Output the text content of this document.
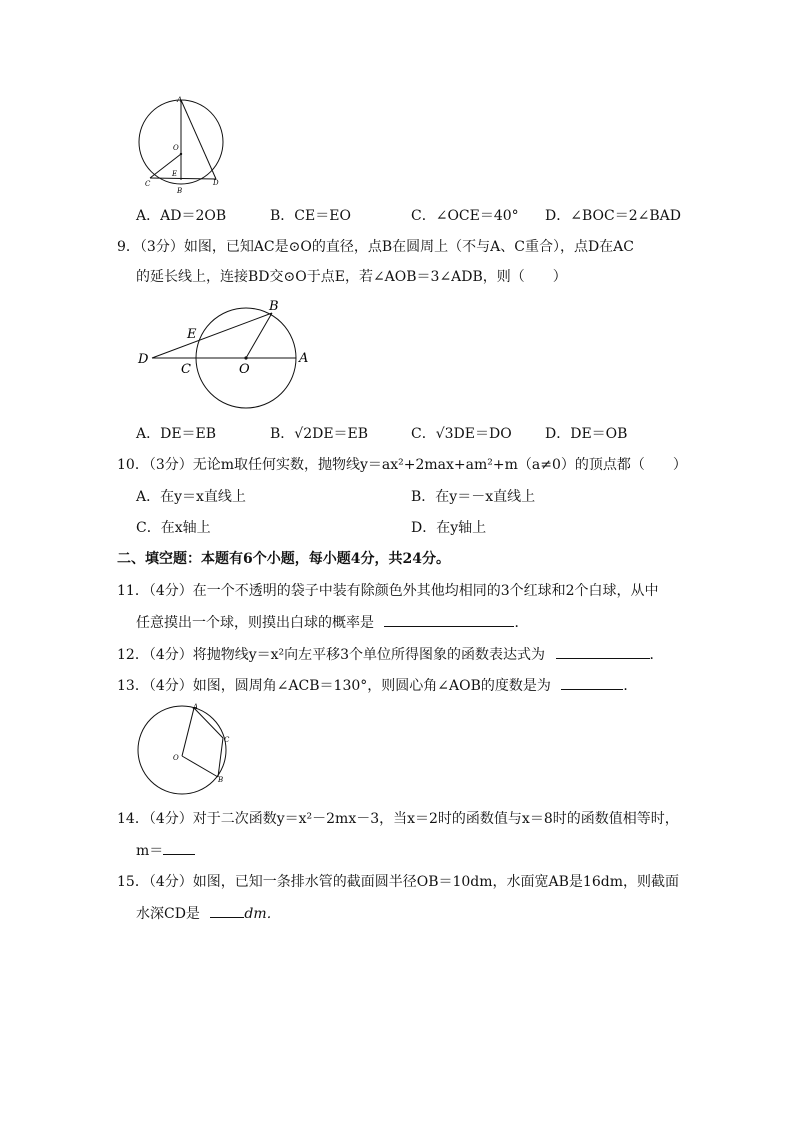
A
O
C
E
B
D
A．AD＝2OB	B．CE＝EO	C．∠OCE＝40° D．∠BOC＝2∠BAD
9．（3分）如图，已知AC是⊙O的直径，点B在圆周上（不与A、C重合），点D在AC
的延长线上，连接BD交⊙O于点E，若∠AOB＝3∠ADB，则（　　）
B
E
D
C	O
A
A．DE＝EB	B．√2DE＝EB	C．√3DE＝DO D．DE＝OB
10．（3分）无论m取任何实数，抛物线y＝ax²+2max+am²+m（a≠0）的顶点都（　　）
A．在y＝x直线上	B．在y＝－x直线上
C．在x轴上	D．在y轴上
二、填空题：本题有6个小题，每小题4分，共24分。
11．（4分）在一个不透明的袋子中装有除颜色外其他均相同的3个红球和2个白球，从中
任意摸出一个球，则摸出白球的概率是	．
12．（4分）将抛物线y＝x²向左平移3个单位所得图象的函数表达式为	．
13．（4分）如图，圆周角∠ACB＝130°，则圆心角∠AOB的度数是为	．
A
C
O
B
14．（4分）对于二次函数y＝x²－2mx－3，当x＝2时的函数值与x＝8时的函数值相等时，
m＝
15．（4分）如图，已知一条排水管的截面圆半径OB＝10dm，水面宽AB是16dm，则截面
水深CD是	dm．
